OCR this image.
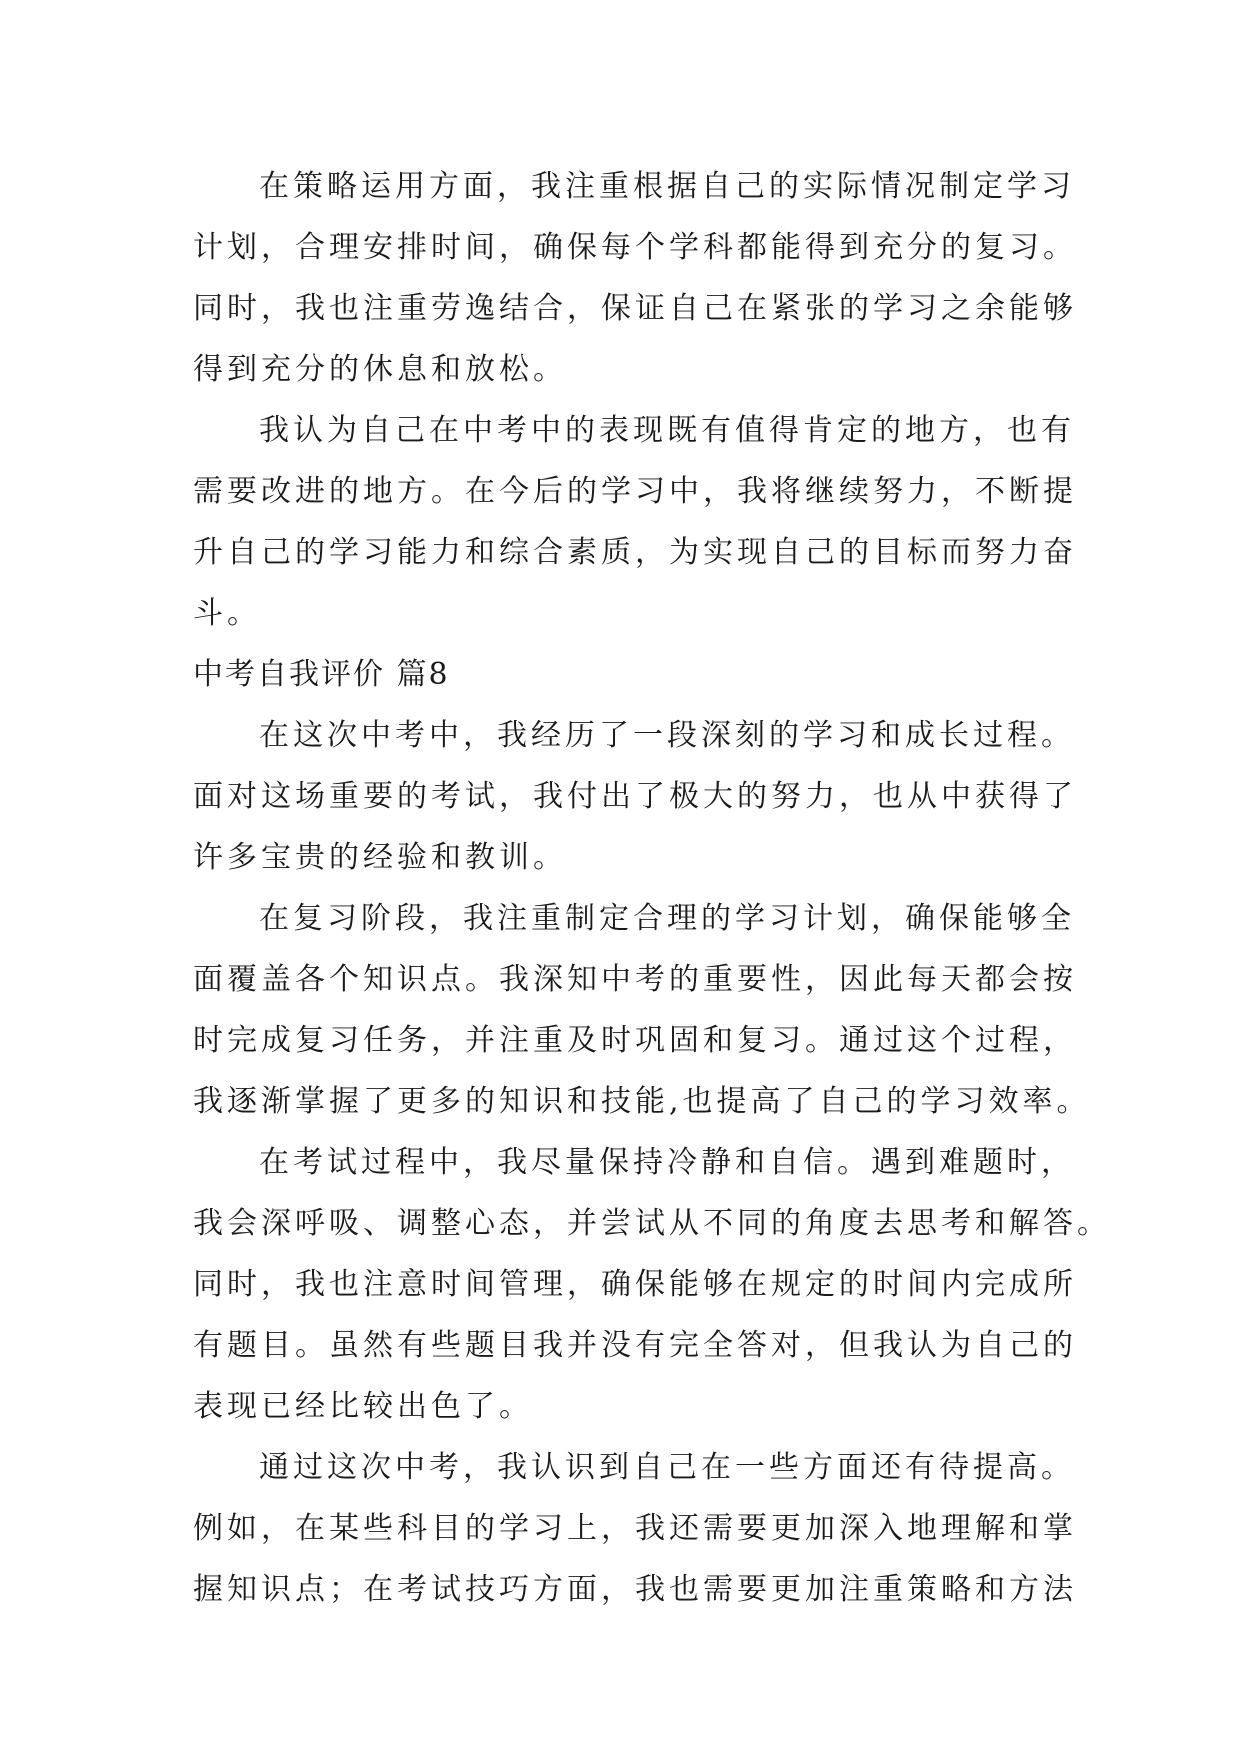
在策略运用方面，我注重根据自己的实际情况制定学习
计划，合理安排时间，确保每个学科都能得到充分的复习。
同时，我也注重劳逸结合，保证自己在紧张的学习之余能够
得到充分的休息和放松。
我认为自己在中考中的表现既有值得肯定的地方，也有
需要改进的地方。在今后的学习中，我将继续努力，不断提
升自己的学习能力和综合素质，为实现自己的目标而努力奋
斗。
中考自我评价 篇8
在这次中考中，我经历了一段深刻的学习和成长过程。
面对这场重要的考试，我付出了极大的努力，也从中获得了
许多宝贵的经验和教训。
在复习阶段，我注重制定合理的学习计划，确保能够全
面覆盖各个知识点。我深知中考的重要性，因此每天都会按
时完成复习任务，并注重及时巩固和复习。通过这个过程，
我逐渐掌握了更多的知识和技能,也提高了自己的学习效率。
在考试过程中，我尽量保持冷静和自信。遇到难题时，
我会深呼吸、调整心态，并尝试从不同的角度去思考和解答。
同时，我也注意时间管理，确保能够在规定的时间内完成所
有题目。虽然有些题目我并没有完全答对，但我认为自己的
表现已经比较出色了。
通过这次中考，我认识到自己在一些方面还有待提高。
例如，在某些科目的学习上，我还需要更加深入地理解和掌
握知识点；在考试技巧方面，我也需要更加注重策略和方法
